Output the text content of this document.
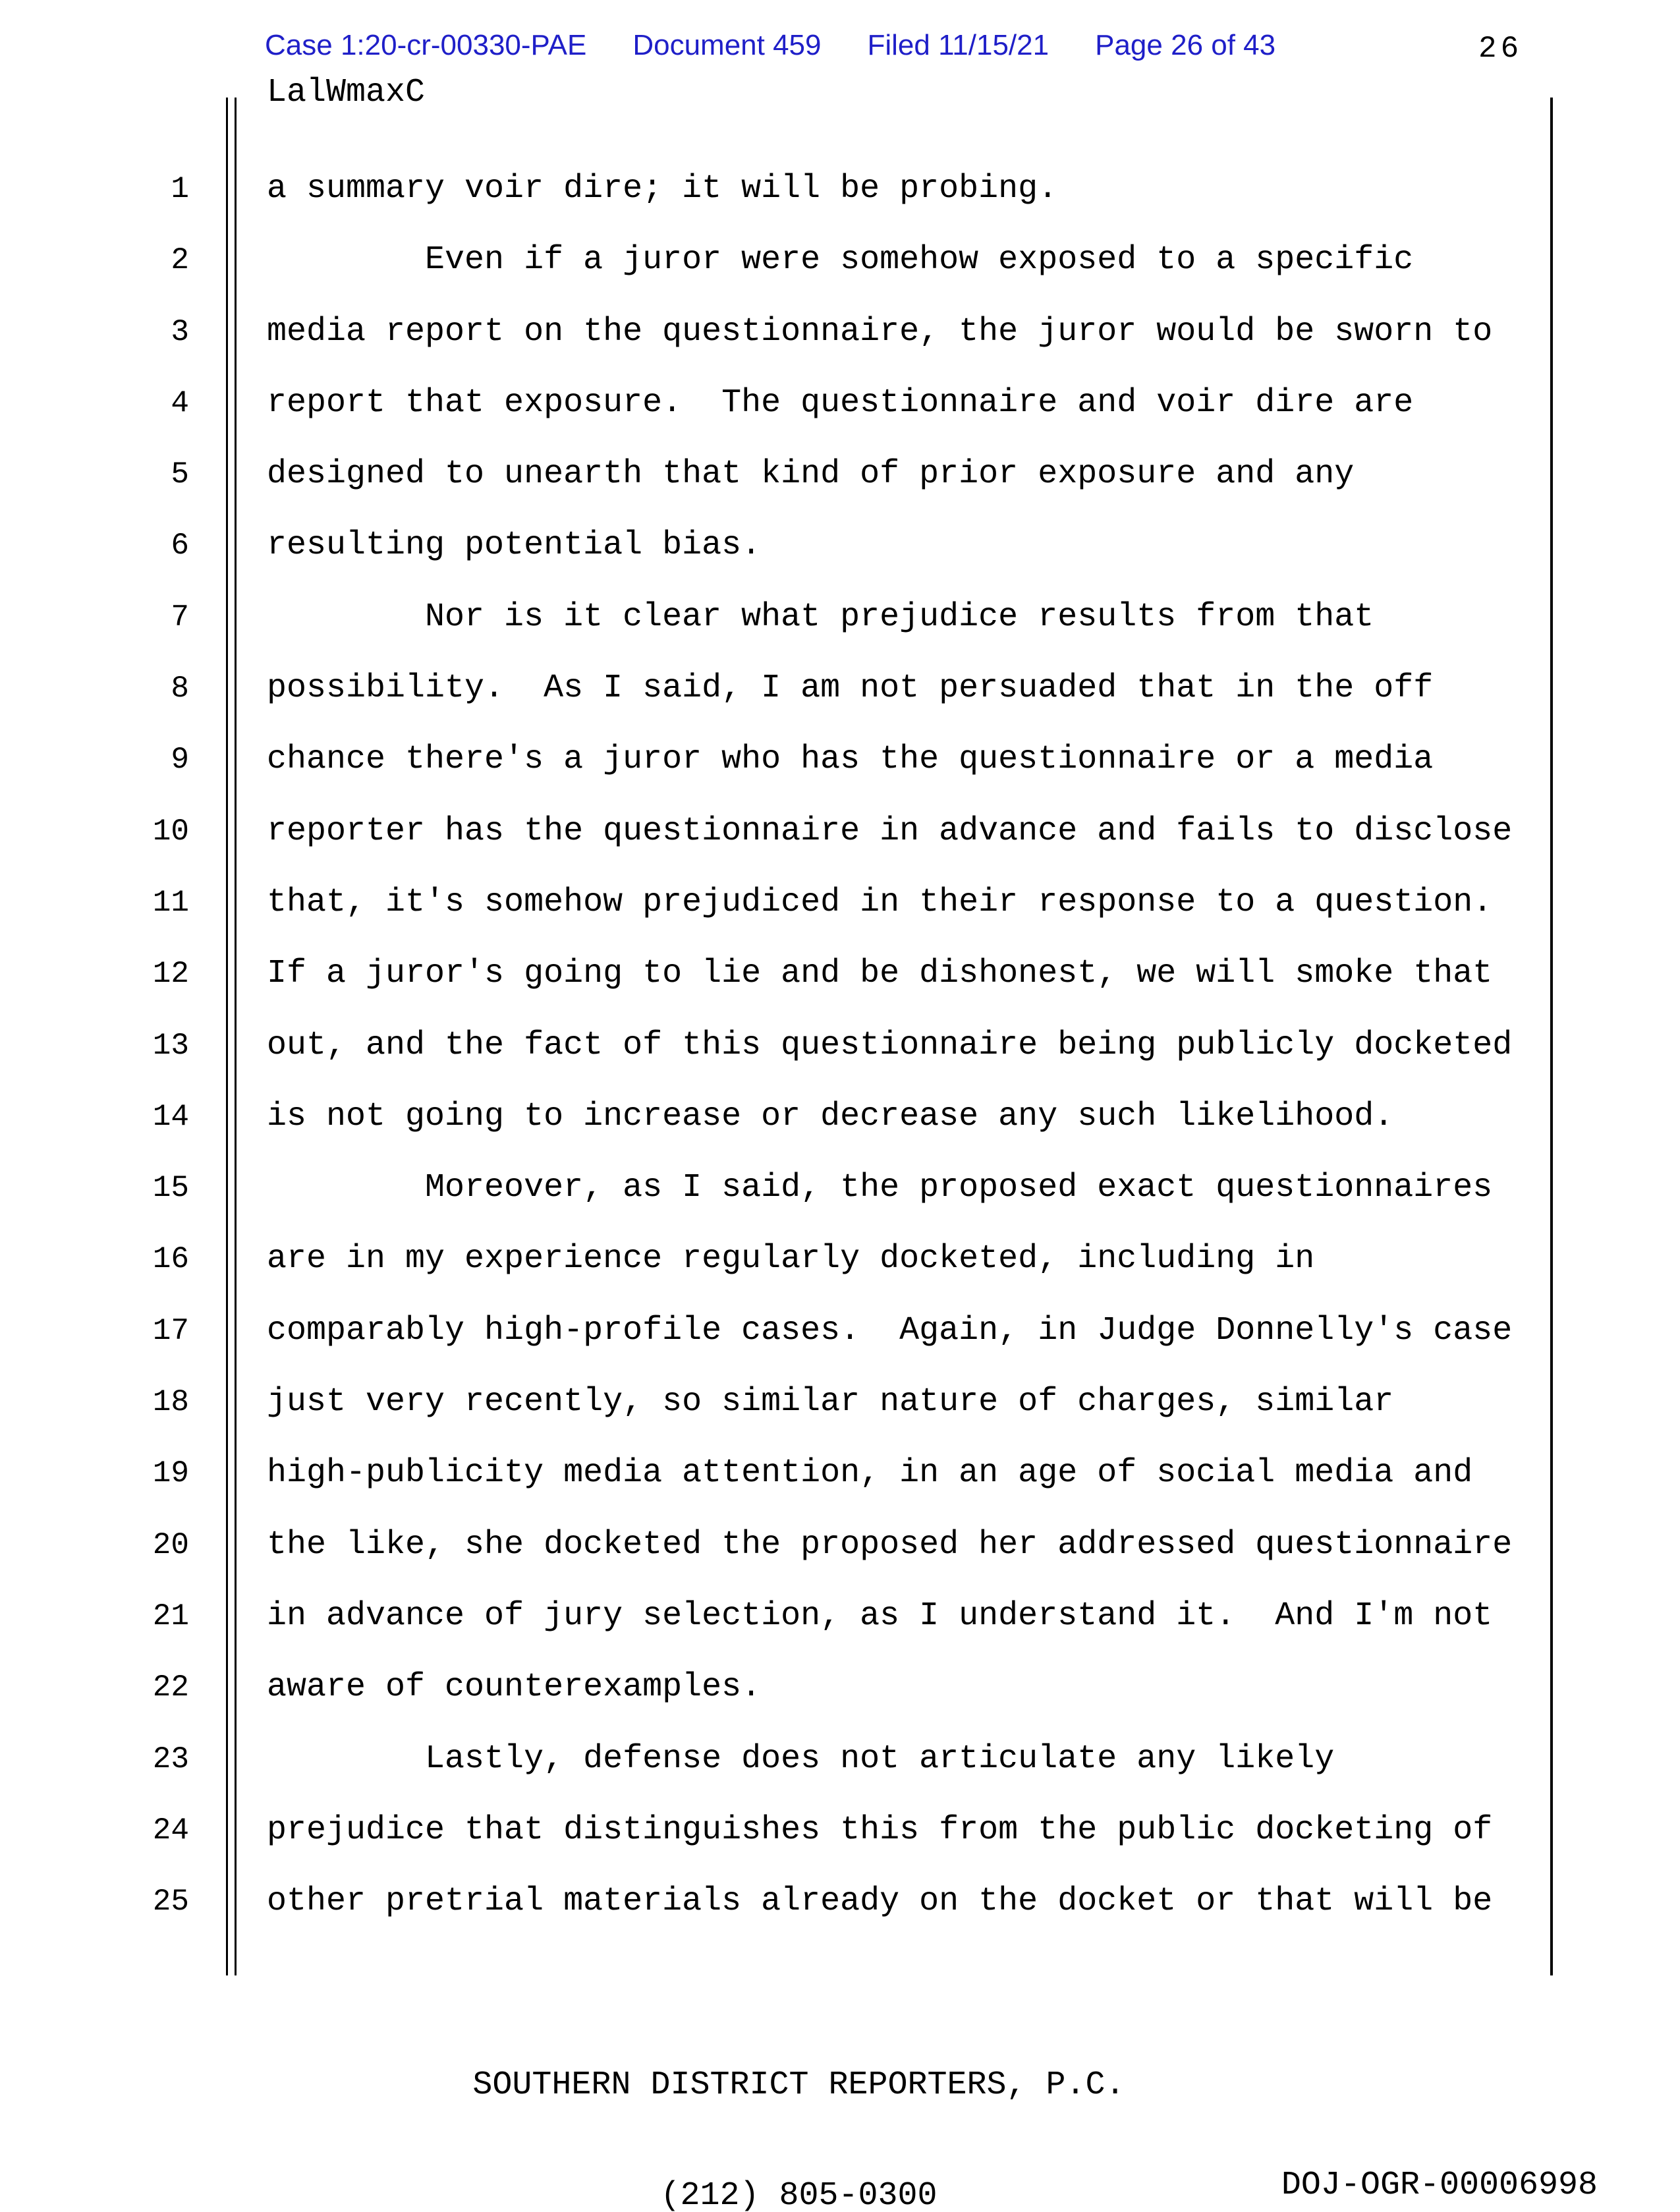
Case 1:20-cr-00330-PAE Document 459 Filed 11/15/21 Page 26 of 43	26
LalWmaxC
1 a summary voir dire; it will be probing.
2 Even if a juror were somehow exposed to a specific
3 media report on the questionnaire, the juror would be sworn to
4 report that exposure.  The questionnaire and voir dire are
5 designed to unearth that kind of prior exposure and any
6 resulting potential bias.
7 Nor is it clear what prejudice results from that
8 possibility.  As I said, I am not persuaded that in the off
9 chance there's a juror who has the questionnaire or a media
10 reporter has the questionnaire in advance and fails to disclose
11 that, it's somehow prejudiced in their response to a question.
12 If a juror's going to lie and be dishonest, we will smoke that
13 out, and the fact of this questionnaire being publicly docketed
14 is not going to increase or decrease any such likelihood.
15 Moreover, as I said, the proposed exact questionnaires
16 are in my experience regularly docketed, including in
17 comparably high-profile cases.  Again, in Judge Donnelly's case
18 just very recently, so similar nature of charges, similar
19 high-publicity media attention, in an age of social media and
20 the like, she docketed the proposed her addressed questionnaire
21 in advance of jury selection, as I understand it.  And I'm not
22 aware of counterexamples.
23 Lastly, defense does not articulate any likely
24 prejudice that distinguishes this from the public docketing of
25 other pretrial materials already on the docket or that will be

SOUTHERN DISTRICT REPORTERS, P.C.

(212) 805-0300

	DOJ-OGR-00006998
